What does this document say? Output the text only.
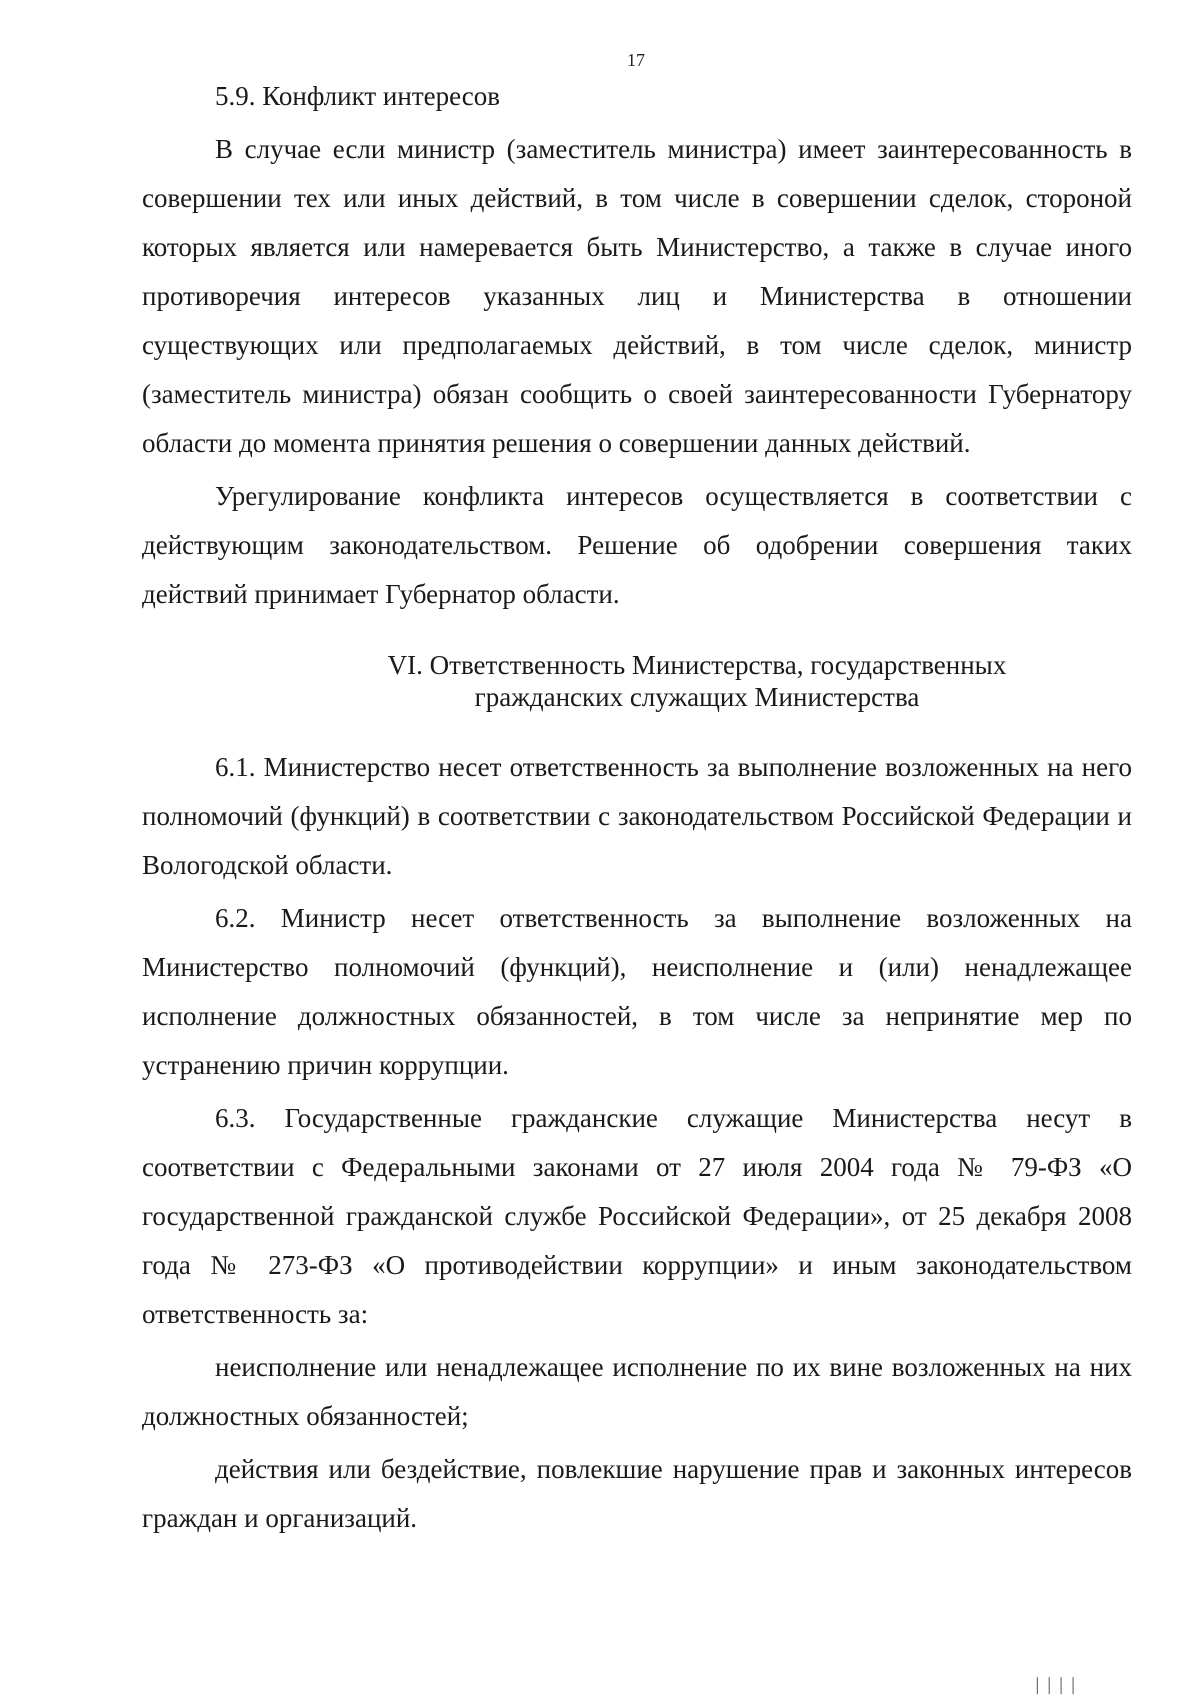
17

5.9. Конфликт интересов

В случае если министр (заместитель министра) имеет заинтересованность в совершении тех или иных действий, в том числе в совершении сделок, стороной которых является или намеревается быть Министерство, а также в случае иного противоречия интересов указанных лиц и Министерства в отношении существующих или предполагаемых действий, в том числе сделок, министр (заместитель министра) обязан сообщить о своей заинтересованности Губернатору области до момента принятия решения о совершении данных действий.

Урегулирование конфликта интересов осуществляется в соответствии с действующим законодательством. Решение об одобрении совершения таких действий принимает Губернатор области.

VI. Ответственность Министерства, государственных

гражданских служащих Министерства

6.1. Министерство несет ответственность за выполнение возложенных на него полномочий (функций) в соответствии с законодательством Российской Федерации и Вологодской области.

6.2. Министр несет ответственность за выполнение возложенных на Министерство полномочий (функций), неисполнение и (или) ненадлежащее исполнение должностных обязанностей, в том числе за непринятие мер по устранению причин коррупции.

6.3. Государственные гражданские служащие Министерства несут в соответствии с Федеральными законами от 27 июля 2004 года № 79-ФЗ «О государственной гражданской службе Российской Федерации», от 25 декабря 2008 года № 273-ФЗ «О противодействии коррупции» и иным законодательством ответственность за:

неисполнение или ненадлежащее исполнение по их вине возложенных на них должностных обязанностей;

действия или бездействие, повлекшие нарушение прав и законных интересов граждан и организаций.

││││
